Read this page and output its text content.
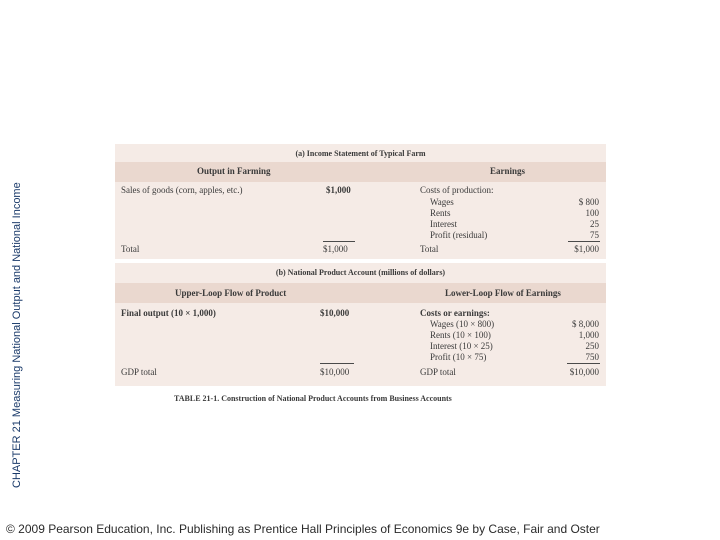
CHAPTER 21 Measuring National Output and National Income
(a) Income Statement of Typical Farm
Output in Farming	Earnings
Sales of goods (corn, apples, etc.)	$1,000	Costs of production:
Wages	$ 800
Rents	100
Interest	25
Profit (residual)	75
Total	$1,000	Total	$1,000
(b) National Product Account (millions of dollars)
Upper-Loop Flow of Product	Lower-Loop Flow of Earnings
Final output (10 × 1,000)	$10,000	Costs or earnings:
Wages (10 × 800)	$ 8,000
Rents (10 × 100)	1,000
Interest (10 × 25)	250
Profit (10 × 75)	750
GDP total	$10,000	GDP total	$10,000
TABLE 21-1. Construction of National Product Accounts from Business Accounts
© 2009 Pearson Education, Inc. Publishing as Prentice Hall Principles of Economics 9e by Case, Fair and Oster
